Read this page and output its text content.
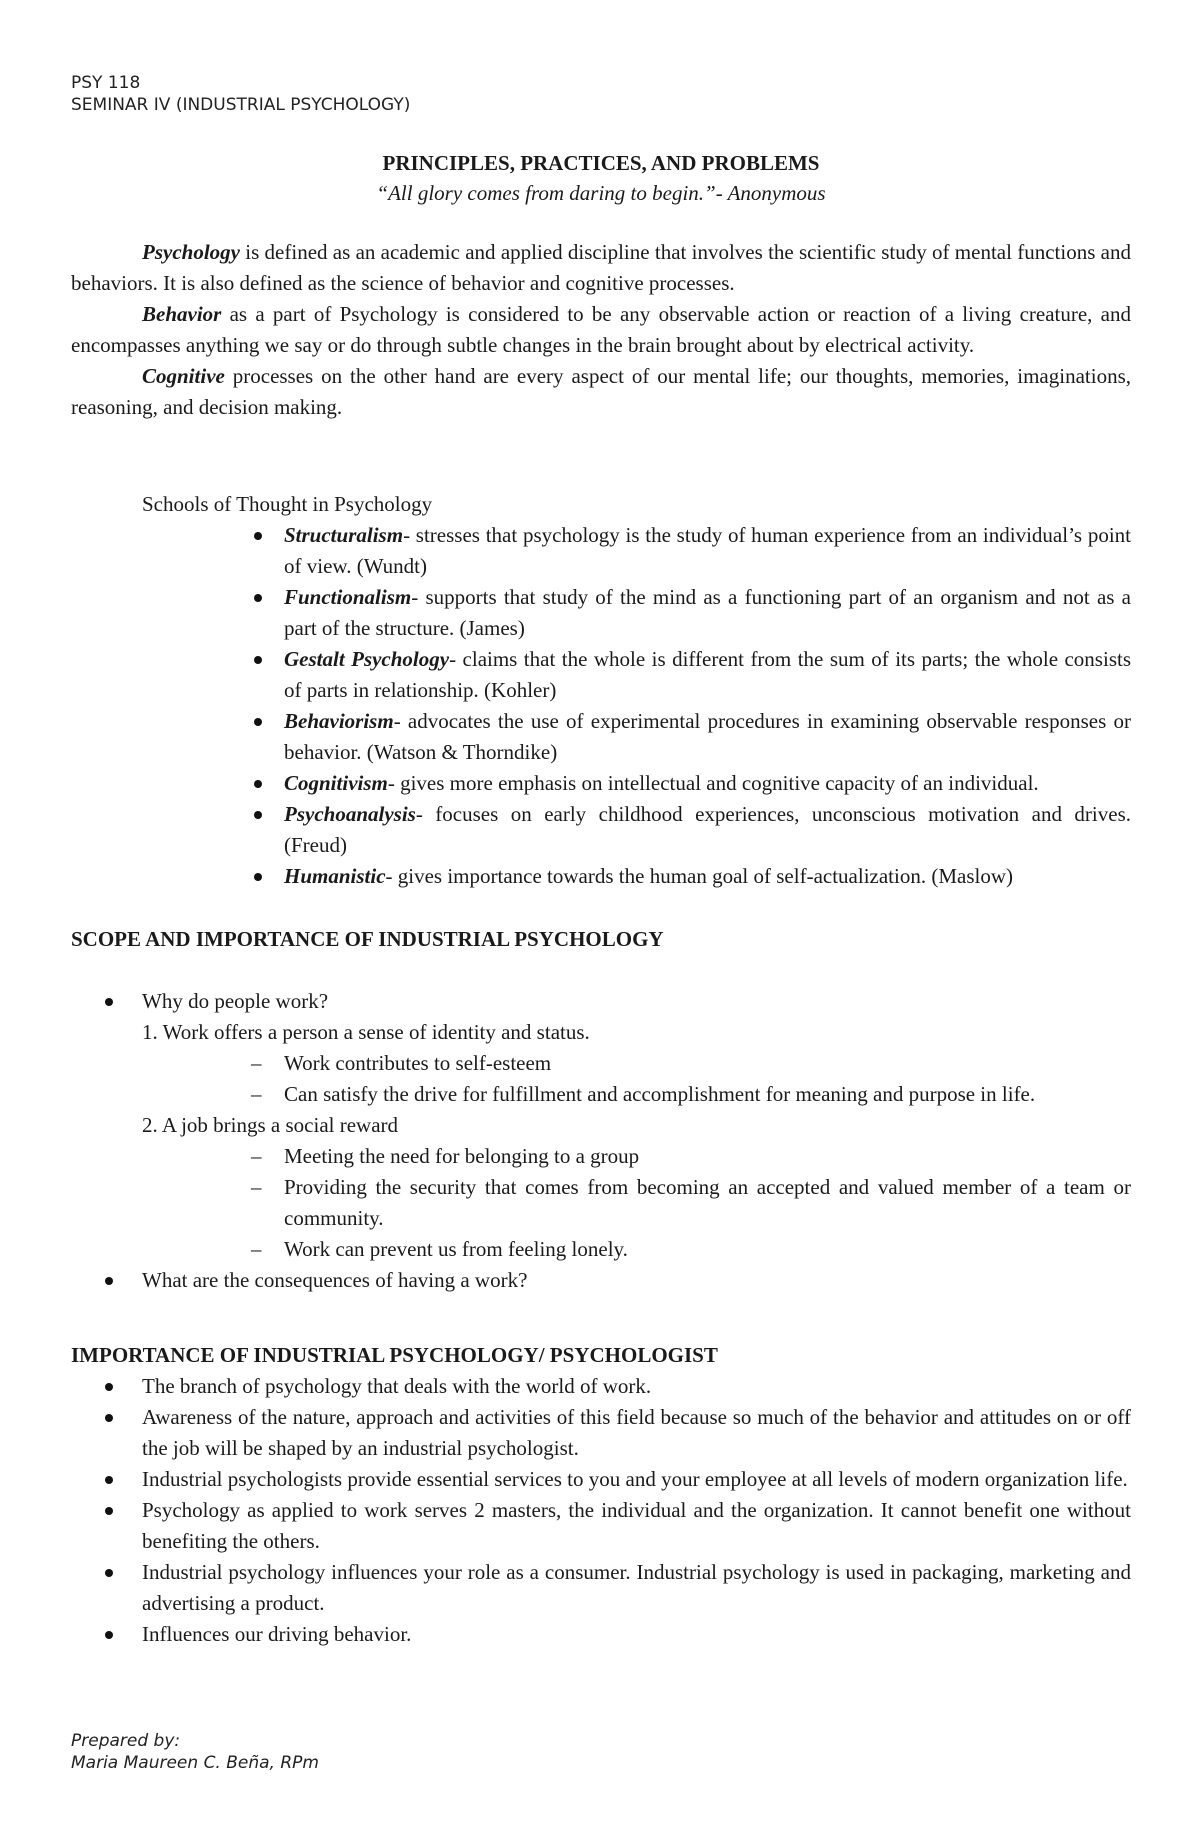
PSY 118
SEMINAR IV (INDUSTRIAL PSYCHOLOGY)
PRINCIPLES, PRACTICES, AND PROBLEMS
“All glory comes from daring to begin.”- Anonymous

Psychology is defined as an academic and applied discipline that involves the scientific study of mental functions and behaviors. It is also defined as the science of behavior and cognitive processes.

Behavior as a part of Psychology is considered to be any observable action or reaction of a living creature, and encompasses anything we say or do through subtle changes in the brain brought about by electrical activity.

Cognitive processes on the other hand are every aspect of our mental life; our thoughts, memories, imaginations, reasoning, and decision making.

Schools of Thought in Psychology
Structuralism- stresses that psychology is the study of human experience from an individual’s point of view. (Wundt)
Functionalism- supports that study of the mind as a functioning part of an organism and not as a part of the structure. (James)
Gestalt Psychology- claims that the whole is different from the sum of its parts; the whole consists of parts in relationship. (Kohler)
Behaviorism- advocates the use of experimental procedures in examining observable responses or behavior. (Watson & Thorndike)
Cognitivism- gives more emphasis on intellectual and cognitive capacity of an individual.
Psychoanalysis- focuses on early childhood experiences, unconscious motivation and drives. (Freud)
Humanistic- gives importance towards the human goal of self-actualization. (Maslow)
SCOPE AND IMPORTANCE OF INDUSTRIAL PSYCHOLOGY
Why do people work?
1. Work offers a person a sense of identity and status.
– Work contributes to self-esteem
– Can satisfy the drive for fulfillment and accomplishment for meaning and purpose in life.
2. A job brings a social reward
– Meeting the need for belonging to a group
– Providing the security that comes from becoming an accepted and valued member of a team or community.
– Work can prevent us from feeling lonely.
What are the consequences of having a work?
IMPORTANCE OF INDUSTRIAL PSYCHOLOGY/ PSYCHOLOGIST
The branch of psychology that deals with the world of work.
Awareness of the nature, approach and activities of this field because so much of the behavior and attitudes on or off the job will be shaped by an industrial psychologist.
Industrial psychologists provide essential services to you and your employee at all levels of modern organization life.
Psychology as applied to work serves 2 masters, the individual and the organization. It cannot benefit one without benefiting the others.
Industrial psychology influences your role as a consumer. Industrial psychology is used in packaging, marketing and advertising a product.
Influences our driving behavior.
Prepared by:
Maria Maureen C. Beña, RPm
